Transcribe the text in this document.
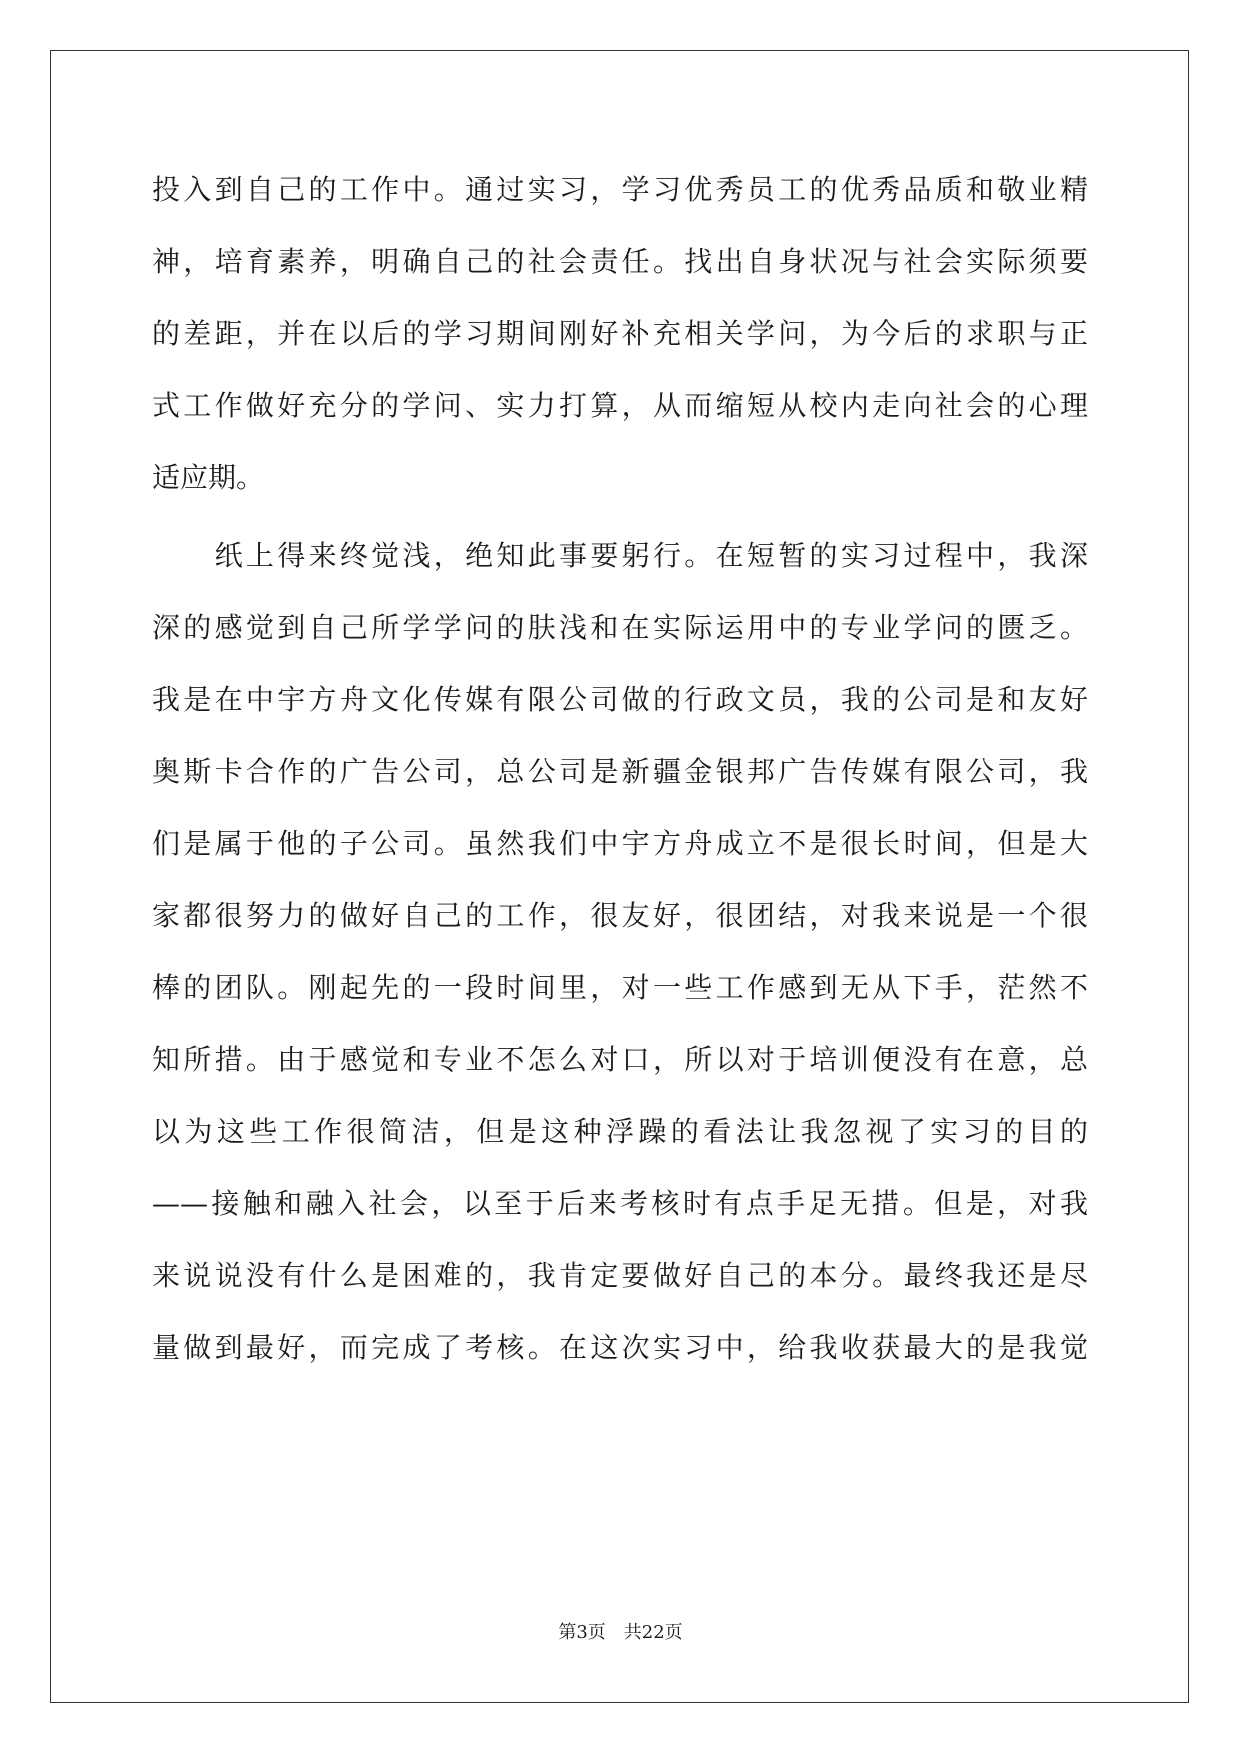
投入到自己的工作中。通过实习，学习优秀员工的优秀品质和敬业精
神，培育素养，明确自己的社会责任。找出自身状况与社会实际须要
的差距，并在以后的学习期间刚好补充相关学问，为今后的求职与正
式工作做好充分的学问、实力打算，从而缩短从校内走向社会的心理
适应期。
　　纸上得来终觉浅，绝知此事要躬行。在短暂的实习过程中，我深
深的感觉到自己所学学问的肤浅和在实际运用中的专业学问的匮乏。
我是在中宇方舟文化传媒有限公司做的行政文员，我的公司是和友好
奥斯卡合作的广告公司，总公司是新疆金银邦广告传媒有限公司，我
们是属于他的子公司。虽然我们中宇方舟成立不是很长时间，但是大
家都很努力的做好自己的工作，很友好，很团结，对我来说是一个很
棒的团队。刚起先的一段时间里，对一些工作感到无从下手，茫然不
知所措。由于感觉和专业不怎么对口，所以对于培训便没有在意，总
以为这些工作很简洁，但是这种浮躁的看法让我忽视了实习的目的
——接触和融入社会，以至于后来考核时有点手足无措。但是，对我
来说说没有什么是困难的，我肯定要做好自己的本分。最终我还是尽
量做到最好，而完成了考核。在这次实习中，给我收获最大的是我觉
第3页　共22页
